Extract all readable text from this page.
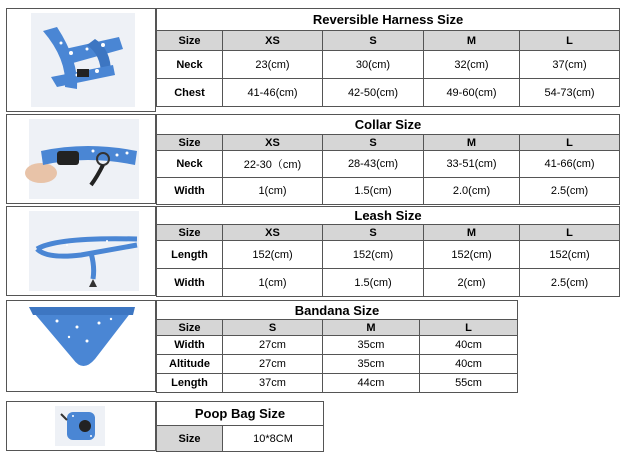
Reversible Harness Size				
Size	XS	S	M	L
Neck	23(cm)	30(cm)	32(cm)	37(cm)
Chest	41-46(cm)	42-50(cm)	49-60(cm)	54-73(cm)
Collar Size				
Size	XS	S	M	L
Neck	22-30（cm)	28-43(cm)	33-51(cm)	41-66(cm)
Width	1(cm)	1.5(cm)	2.0(cm)	2.5(cm)
Leash Size				
Size	XS	S	M	L
Length	152(cm)	152(cm)	152(cm)	152(cm)
Width	1(cm)	1.5(cm)	2(cm)	2.5(cm)
Bandana Size			
Size	S	M	L
Width	27cm	35cm	40cm
Altitude	27cm	35cm	40cm
Length	37cm	44cm	55cm
Poop Bag Size
Size	10*8CM
